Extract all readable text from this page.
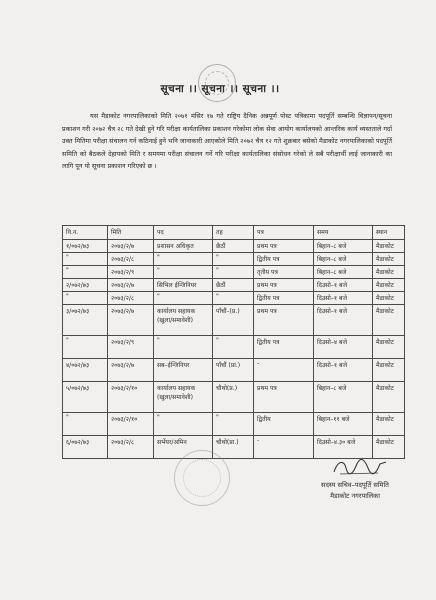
सूचना ।। सूचना ।। सूचना ।।
यस मैडाकोट नगरपालिकाको मिति २०७१ मंसिर १७ गते राष्ट्रिय दैनिक अन्नपूर्ण पोस्ट पत्रिकामा पदपूर्ति सम्बन्धि विज्ञापन/सूचना प्रकाशन गरी २०७२ चैत्र २८ गते देखी हुने गरि परीक्षा कार्यतालिका प्रकाशन गरेकोमा लोक सेवा आयोग कार्यालयको आन्तरिक कार्य व्यस्तताले गर्दा उक्त मितिमा परीक्षा संचालन गर्न कठिनाई हुने भनि जानाकारी आएकोले मिति २०७२ चैत्र १२ गते शुक्रबार बसेको मैडाकोट नगरपालिकाको पदपूर्ति समिति को बैठकले देहायको मिति र समयमा परीक्षा संचालन गर्ने गरि परीक्षा कार्यतालिका संसोधन गरेको ले सबै परीक्षार्थी लाई जानाकारी का लागि पून यो सूचना प्रकाशन गरिएको छ ।
वि.न.	मिति	पद	तह	पत्र	समय	स्थान
१/०७२/७३	२०७३/२/७	प्रशासन अधिकृत	छैठौं	प्रथम पत्र	बिहान–८ बजे	मैडाकोट
"	२०७३/२/८	"	"	द्वितीय पत्र	बिहान–८ बजे	मैडाकोट
"	२०७३/२/९	"	"	तृतीय पत्र	बिहान–८ बजे	मैडाकोट
२/०७२/७३	२०७३/२/७	सिभिल ईन्जिनियर	छैठौं	प्रथम पत्र	दिउसो–१ बजे	मैडाकोट
"	२०७३/२/८	"	"	द्वितीय पत्र	दिउसो–१ बजे	मैडाकोट
३/०७२/७३	२०७३/२/७	कार्यालय सहायक (खुला/समावेशी)	पाँचौं–(प्र.)	प्रथम पत्र	दिउसो–१ बजे	मैडाकोट
"	२०७३/२/९	"	"	द्वितीय पत्र	दिउसो–४ बजे	मैडाकोट
४/०७२/७३	२०७३/२/७	सब–ईन्जिनियर	पाँचौं (प्रा.)	-	दिउसो–१ बजे	मैडाकोट
५/०७२/७३	२०७३/२/१०	कार्यालय सहायक (खुला/समावेशी)	चौथो(प्र.)	प्रथम पत्र	बिहान–८ बजे	मैडाकोट
"	२०७३/२/१०	"	"	द्वितीय	बिहान–११ बजे	मैडाकोट
६/०७२/७३	२०७३/२/८	सर्भेयर/अमिन	चौथो(प्रा.)	-	दिउसो–४.३० बजे	मैडाकोट
सदस्य सचिव–पदपूर्ति समिति
मैडाकोट नगरपालिका
